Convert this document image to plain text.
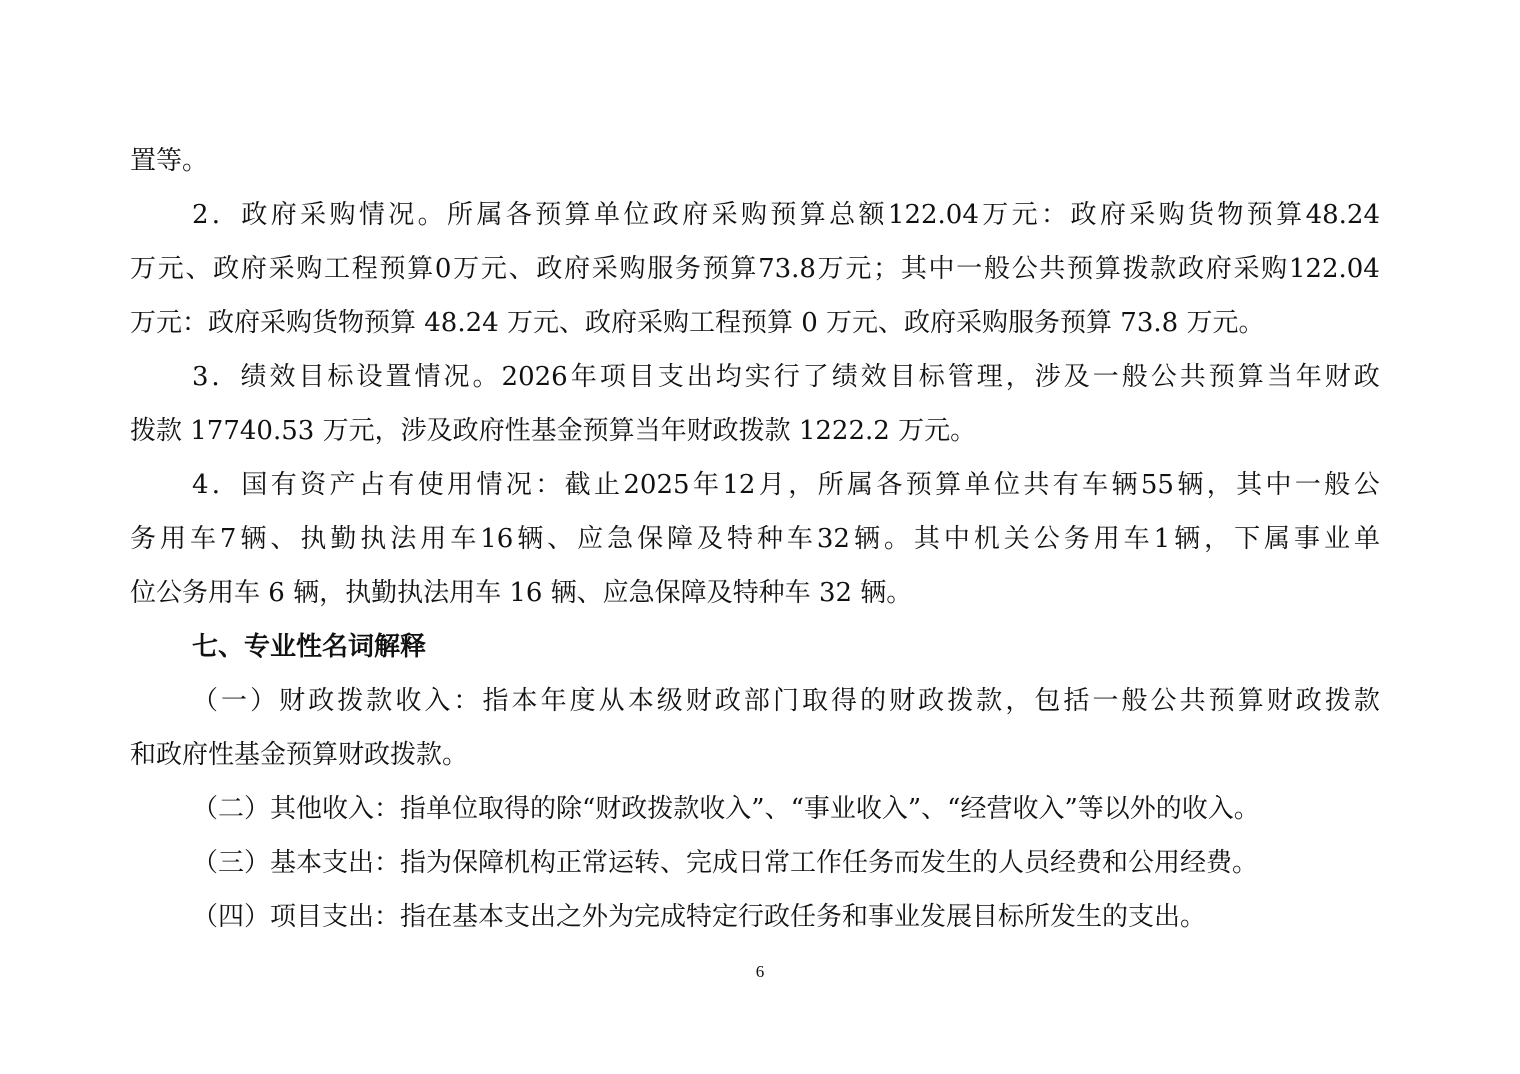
置等。
2 ． 政 府 采 购 情 况 。 所 属 各 预 算 单 位 政 府 采 购 预 算 总 额 122.04 万 元 ： 政 府 采 购 货 物 预 算 48.24
万 元 、 政 府 采 购 工 程 预 算 0 万 元 、 政 府 采 购 服 务 预 算 73.8 万 元 ； 其 中 一 般 公 共 预 算 拨 款 政 府 采 购 122.04
万元：政府采购货物预算 48.24 万元、政府采购工程预算 0 万元、政府采购服务预算 73.8 万元。
3 ． 绩 效 目 标 设 置 情 况 。 2026 年 项 目 支 出 均 实 行 了 绩 效 目 标 管 理 ， 涉 及 一 般 公 共 预 算 当 年 财 政
拨款 17740.53 万元，涉及政府性基金预算当年财政拨款 1222.2 万元。
4 ． 国 有 资 产 占 有 使 用 情 况 ： 截 止 2025 年 12 月 ， 所 属 各 预 算 单 位 共 有 车 辆 55 辆 ， 其 中 一 般 公
务 用 车 7 辆 、 执 勤 执 法 用 车 16 辆 、 应 急 保 障 及 特 种 车 32 辆 。 其 中 机 关 公 务 用 车 1 辆 ， 下 属 事 业 单
位公务用车 6 辆，执勤执法用车 16 辆、应急保障及特种车 32 辆。
七、专业性名词解释
（ 一 ） 财 政 拨 款 收 入 ： 指 本 年 度 从 本 级 财 政 部 门 取 得 的 财 政 拨 款 ， 包 括 一 般 公 共 预 算 财 政 拨 款
和政府性基金预算财政拨款。
（二）其他收入：指单位取得的除“财政拨款收入”、“事业收入”、“经营收入”等以外的收入。
（三）基本支出：指为保障机构正常运转、完成日常工作任务而发生的人员经费和公用经费。
（四）项目支出：指在基本支出之外为完成特定行政任务和事业发展目标所发生的支出。
6
